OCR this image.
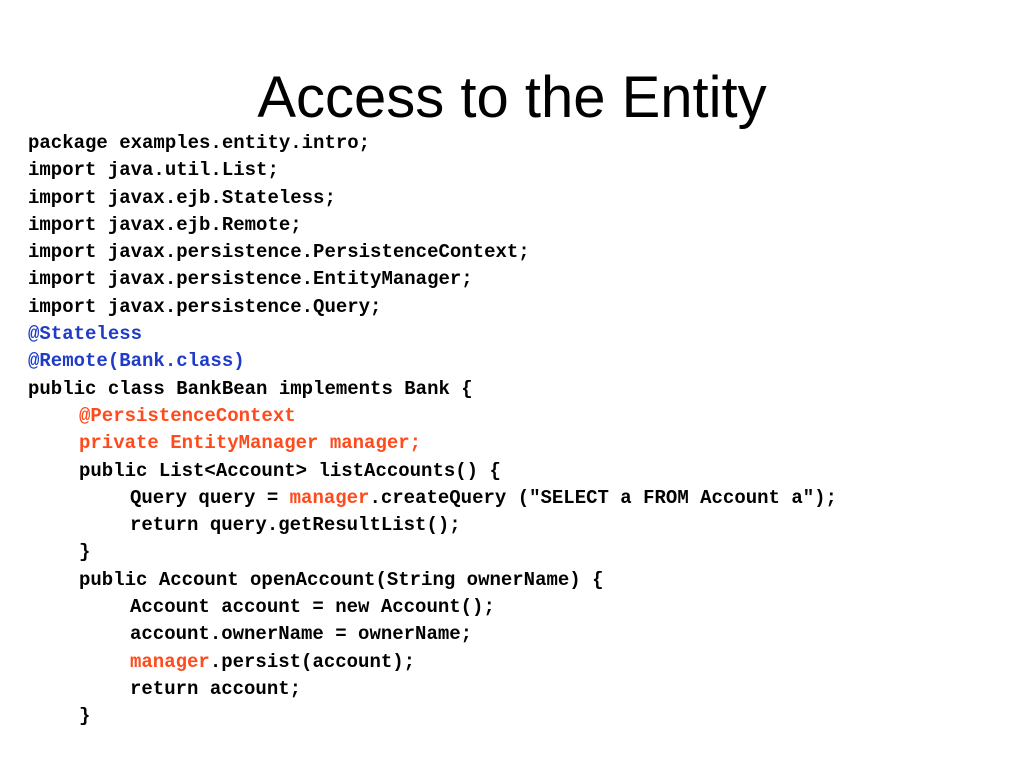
Access to the Entity
package examples.entity.intro;
import java.util.List;
import javax.ejb.Stateless;
import javax.ejb.Remote;
import javax.persistence.PersistenceContext;
import javax.persistence.EntityManager;
import javax.persistence.Query;
@Stateless
@Remote(Bank.class)
public class BankBean implements Bank {
@PersistenceContext
private EntityManager manager;
public List<Account> listAccounts() {
Query query = manager.createQuery ("SELECT a FROM Account a");
return query.getResultList();
}
public Account openAccount(String ownerName) {
Account account = new Account();
account.ownerName = ownerName;
manager.persist(account);
return account;
}
